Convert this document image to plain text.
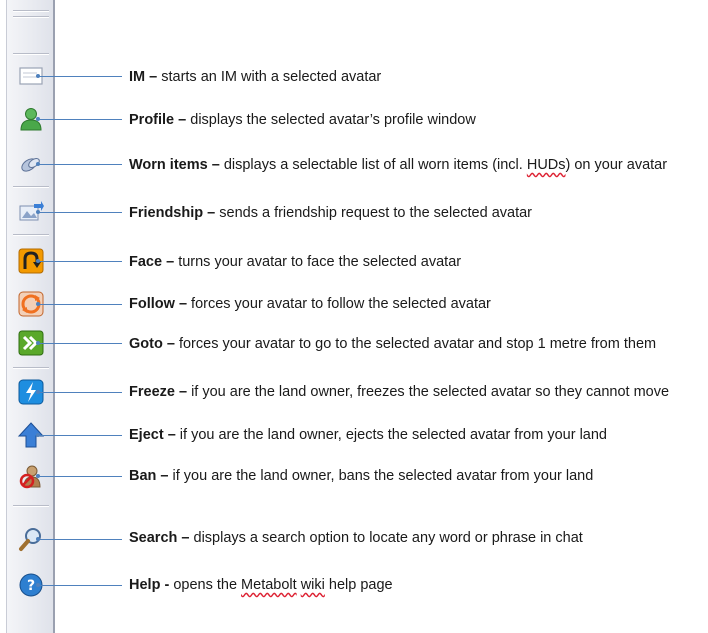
?
IM – starts an IM with a selected avatar
Profile – displays the selected avatar’s profile window
Worn items – displays a selectable list of all worn items (incl. HUDs) on your avatar
Friendship – sends a friendship request to the selected avatar
Face – turns your avatar to face the selected avatar
Follow – forces your avatar to follow the selected avatar
Goto – forces your avatar to go to the selected avatar and stop 1 metre from them
Freeze – if you are the land owner, freezes the selected avatar so they cannot move
Eject – if you are the land owner, ejects the selected avatar from your land
Ban – if you are the land owner, bans the selected avatar from your land
Search – displays a search option to locate any word or phrase in chat
Help - opens the Metabolt wiki help page
